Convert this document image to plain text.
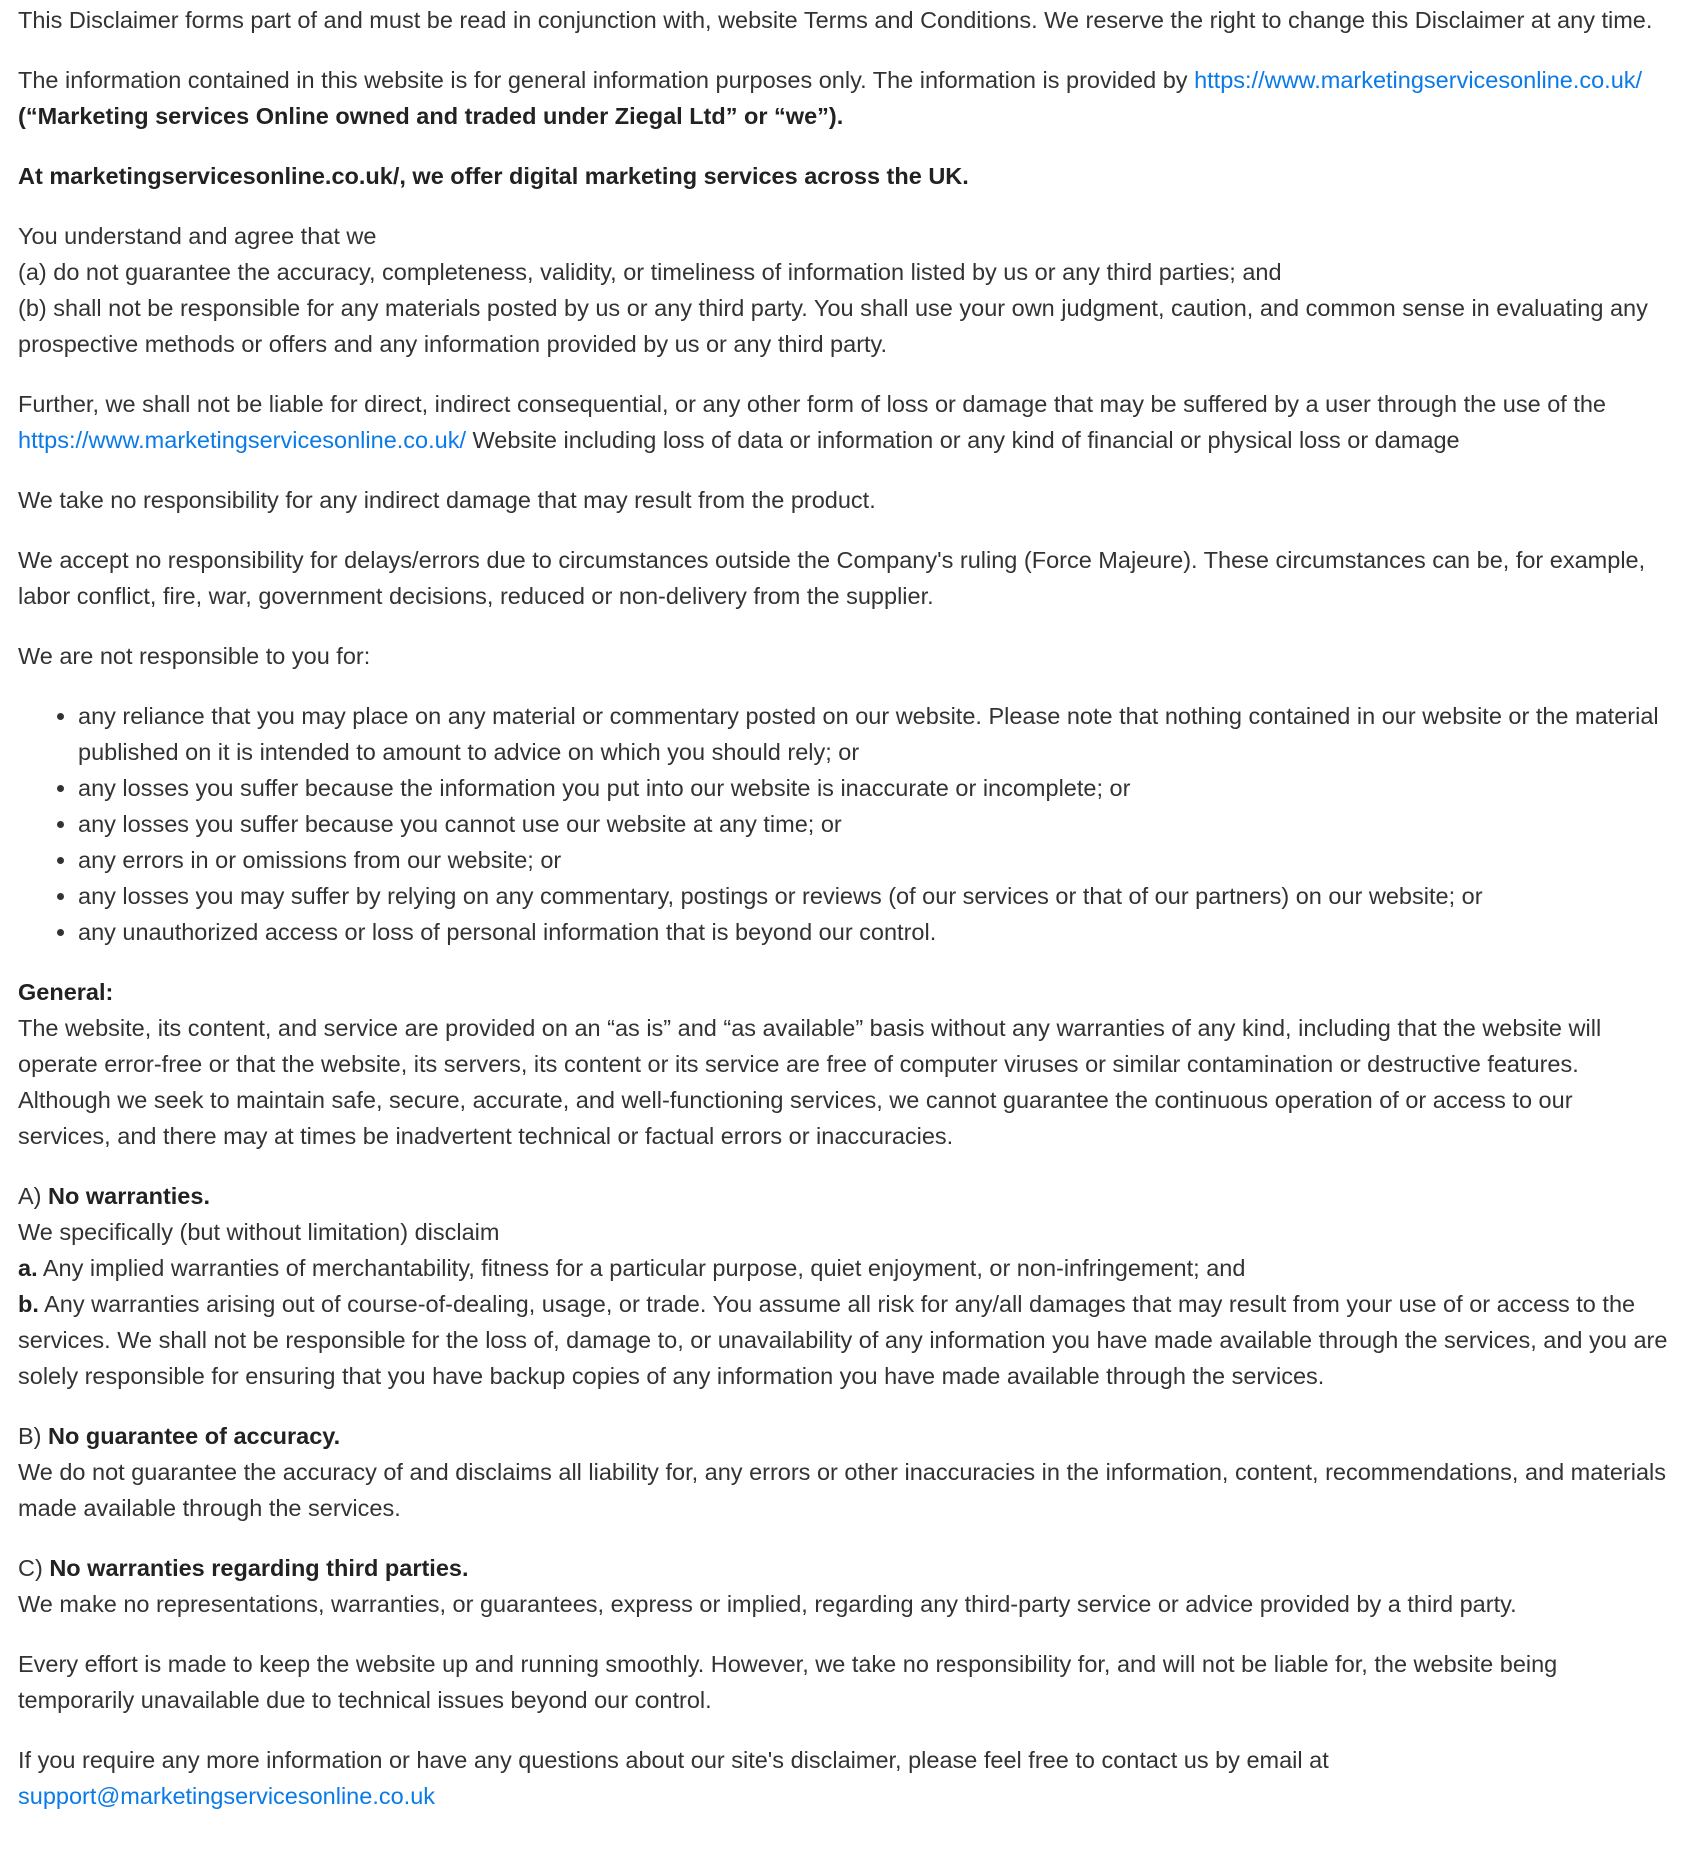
This Disclaimer forms part of and must be read in conjunction with, website Terms and Conditions. We reserve the right to change this Disclaimer at any time.

The information contained in this website is for general information purposes only. The information is provided by https://www.marketingservicesonline.co.uk/
(“Marketing services Online owned and traded under Ziegal Ltd” or “we”).

At marketingservicesonline.co.uk/, we offer digital marketing services across the UK.

You understand and agree that we
(a) do not guarantee the accuracy, completeness, validity, or timeliness of information listed by us or any third parties; and
(b) shall not be responsible for any materials posted by us or any third party. You shall use your own judgment, caution, and common sense in evaluating any prospective methods or offers and any information provided by us or any third party.

Further, we shall not be liable for direct, indirect consequential, or any other form of loss or damage that may be suffered by a user through the use of the https://www.marketingservicesonline.co.uk/ Website including loss of data or information or any kind of financial or physical loss or damage

We take no responsibility for any indirect damage that may result from the product.

We accept no responsibility for delays/errors due to circumstances outside the Company's ruling (Force Majeure). These circumstances can be, for example, labor conflict, fire, war, government decisions, reduced or non-delivery from the supplier.

We are not responsible to you for:

• any reliance that you may place on any material or commentary posted on our website. Please note that nothing contained in our website or the material published on it is intended to amount to advice on which you should rely; or
• any losses you suffer because the information you put into our website is inaccurate or incomplete; or
• any losses you suffer because you cannot use our website at any time; or
• any errors in or omissions from our website; or
• any losses you may suffer by relying on any commentary, postings or reviews (of our services or that of our partners) on our website; or
• any unauthorized access or loss of personal information that is beyond our control.

General:
The website, its content, and service are provided on an “as is” and “as available” basis without any warranties of any kind, including that the website will operate error-free or that the website, its servers, its content or its service are free of computer viruses or similar contamination or destructive features. Although we seek to maintain safe, secure, accurate, and well-functioning services, we cannot guarantee the continuous operation of or access to our services, and there may at times be inadvertent technical or factual errors or inaccuracies.

A) No warranties.
We specifically (but without limitation) disclaim
a. Any implied warranties of merchantability, fitness for a particular purpose, quiet enjoyment, or non-infringement; and
b. Any warranties arising out of course-of-dealing, usage, or trade. You assume all risk for any/all damages that may result from your use of or access to the services. We shall not be responsible for the loss of, damage to, or unavailability of any information you have made available through the services, and you are solely responsible for ensuring that you have backup copies of any information you have made available through the services.

B) No guarantee of accuracy.
We do not guarantee the accuracy of and disclaims all liability for, any errors or other inaccuracies in the information, content, recommendations, and materials made available through the services.

C) No warranties regarding third parties.
We make no representations, warranties, or guarantees, express or implied, regarding any third-party service or advice provided by a third party.

Every effort is made to keep the website up and running smoothly. However, we take no responsibility for, and will not be liable for, the website being temporarily unavailable due to technical issues beyond our control.

If you require any more information or have any questions about our site's disclaimer, please feel free to contact us by email at
support@marketingservicesonline.co.uk
